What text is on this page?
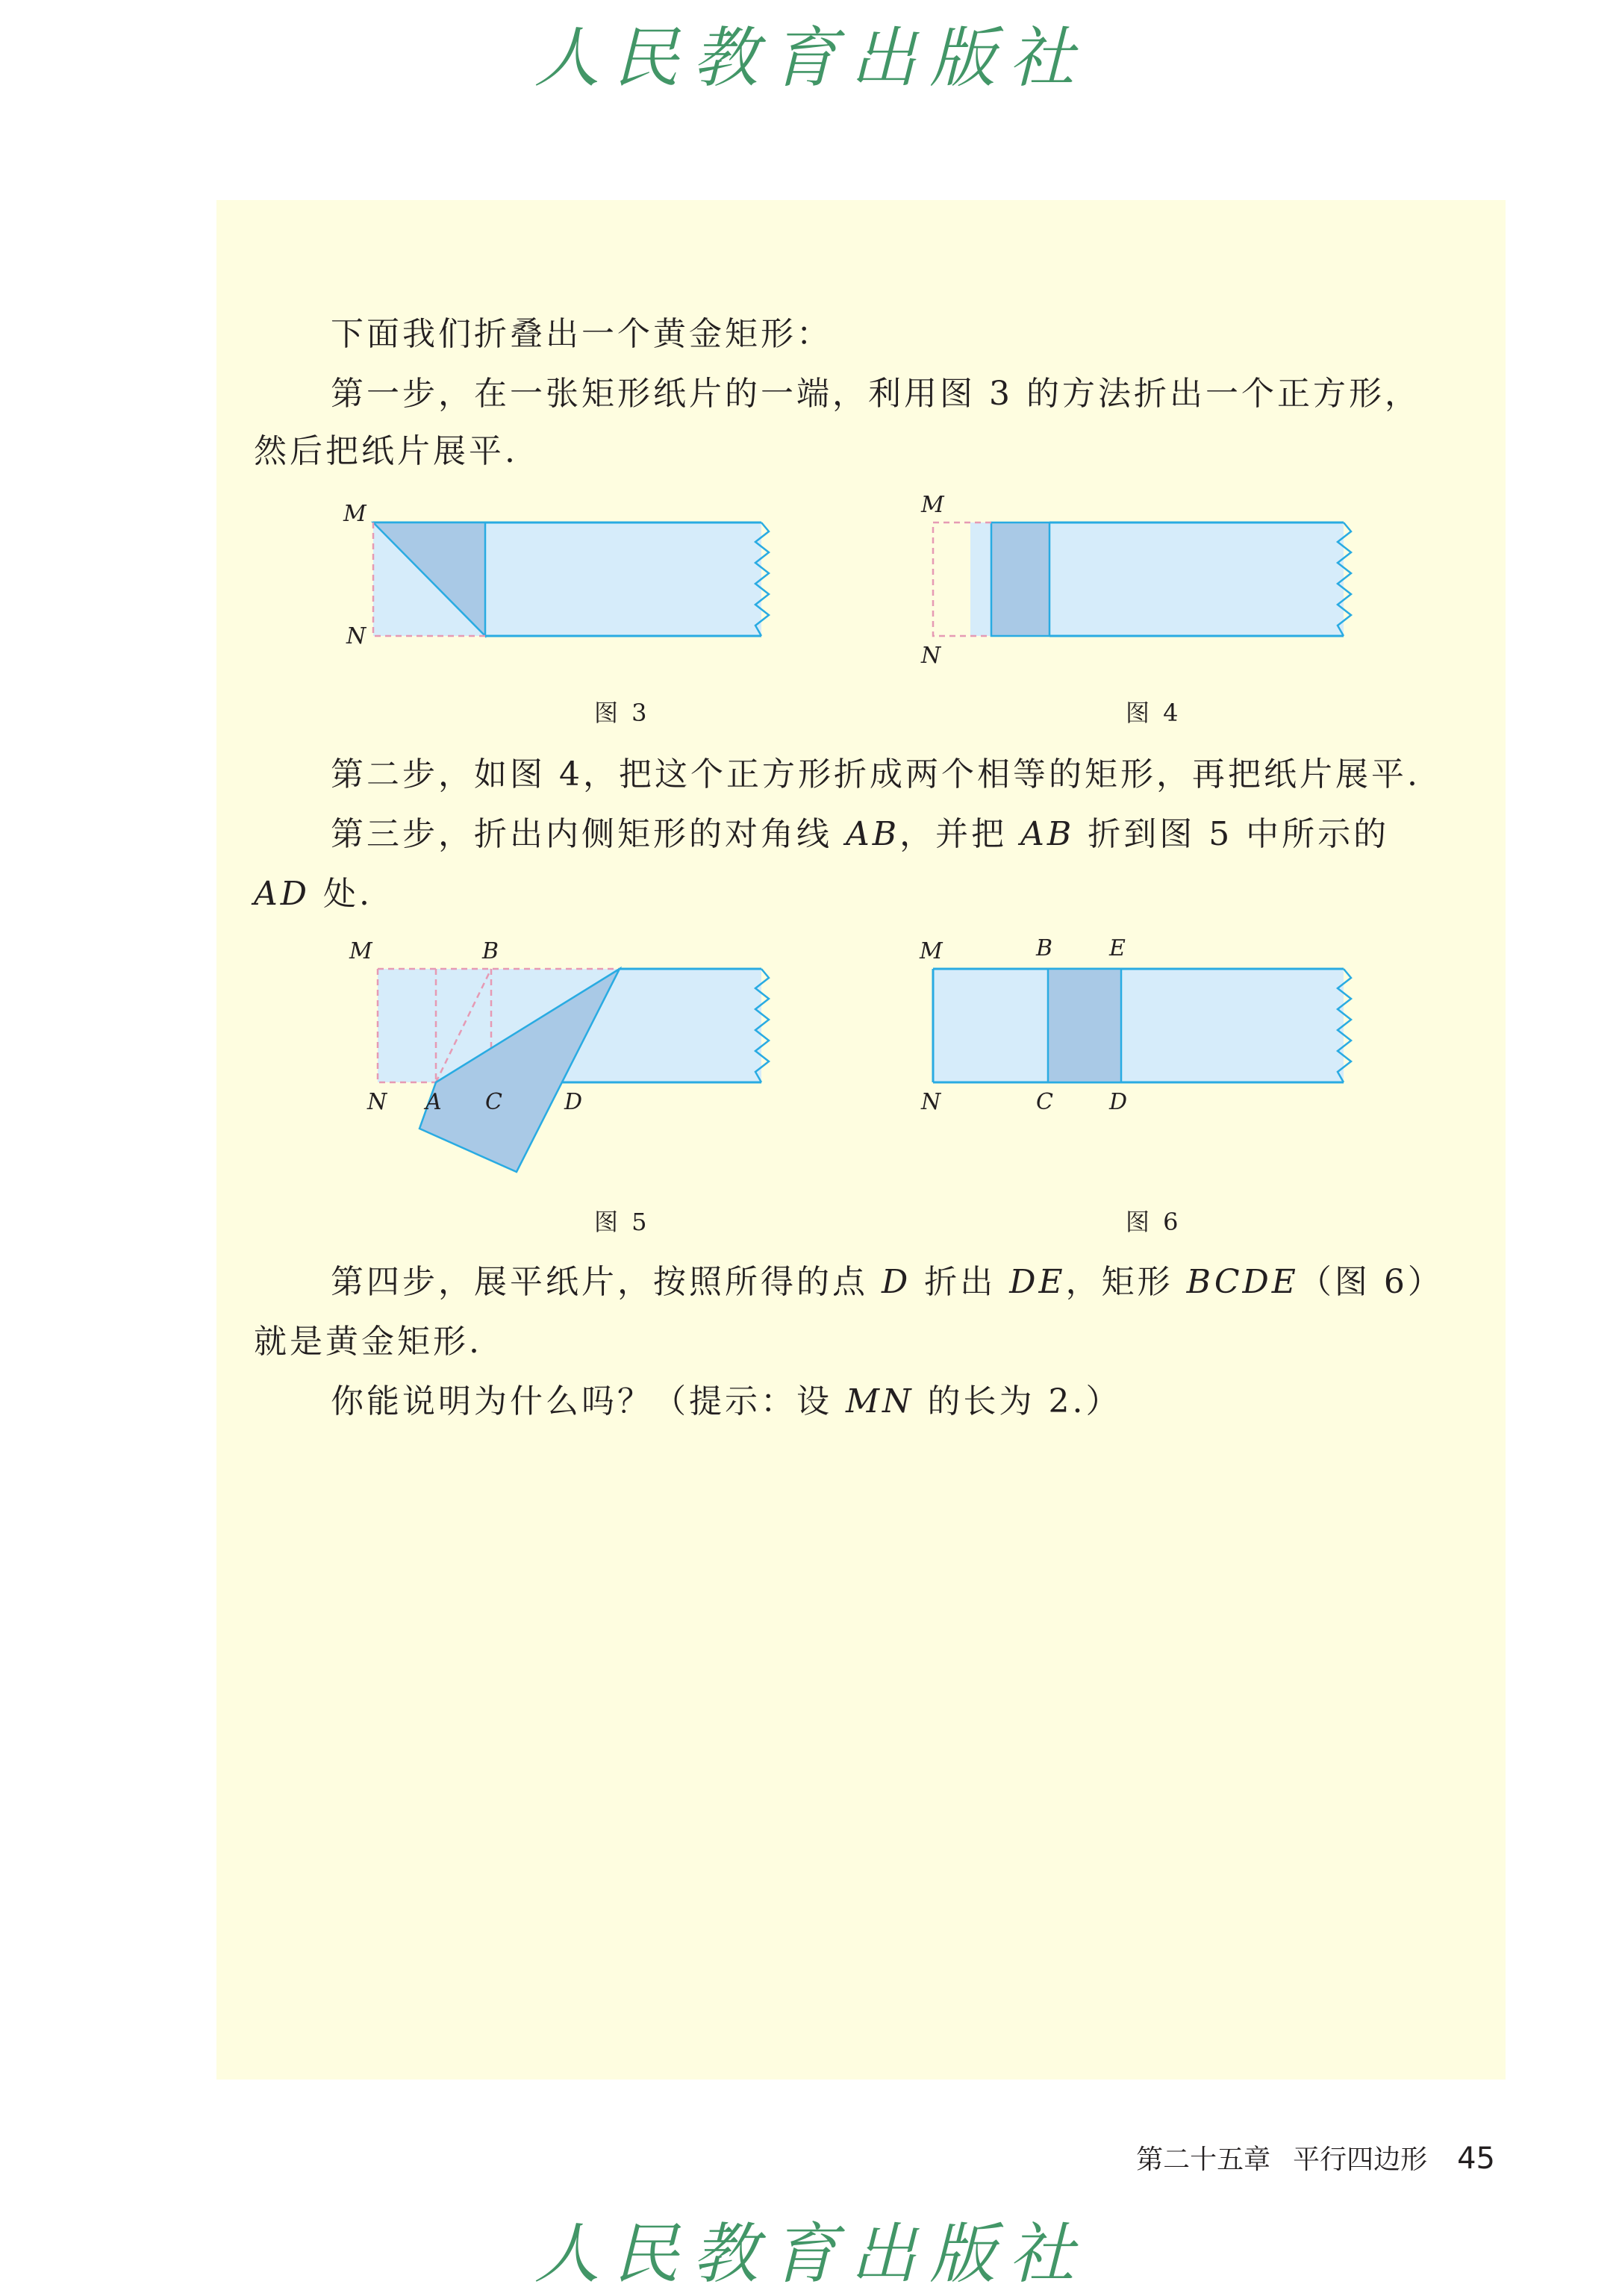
人民教育出版社
下面我们折叠出一个黄金矩形：
第一步，在一张矩形纸片的一端，利用图 3 的方法折出一个正方形，
然后把纸片展平.
M
N
图 3
M
N
图 4
第二步，如图 4，把这个正方形折成两个相等的矩形，再把纸片展平.
第三步，折出内侧矩形的对角线 AB，并把 AB 折到图 5 中所示的
AD 处.
M	B
N A C	D
图 5
M	B	E
N	C	D
图 6
第四步，展平纸片，按照所得的点 D 折出 DE，矩形 BCDE（图 6）
就是黄金矩形.
你能说明为什么吗？（提示：设 MN 的长为 2.）
第二十五章 平行四边形 45
人民教育出版社
